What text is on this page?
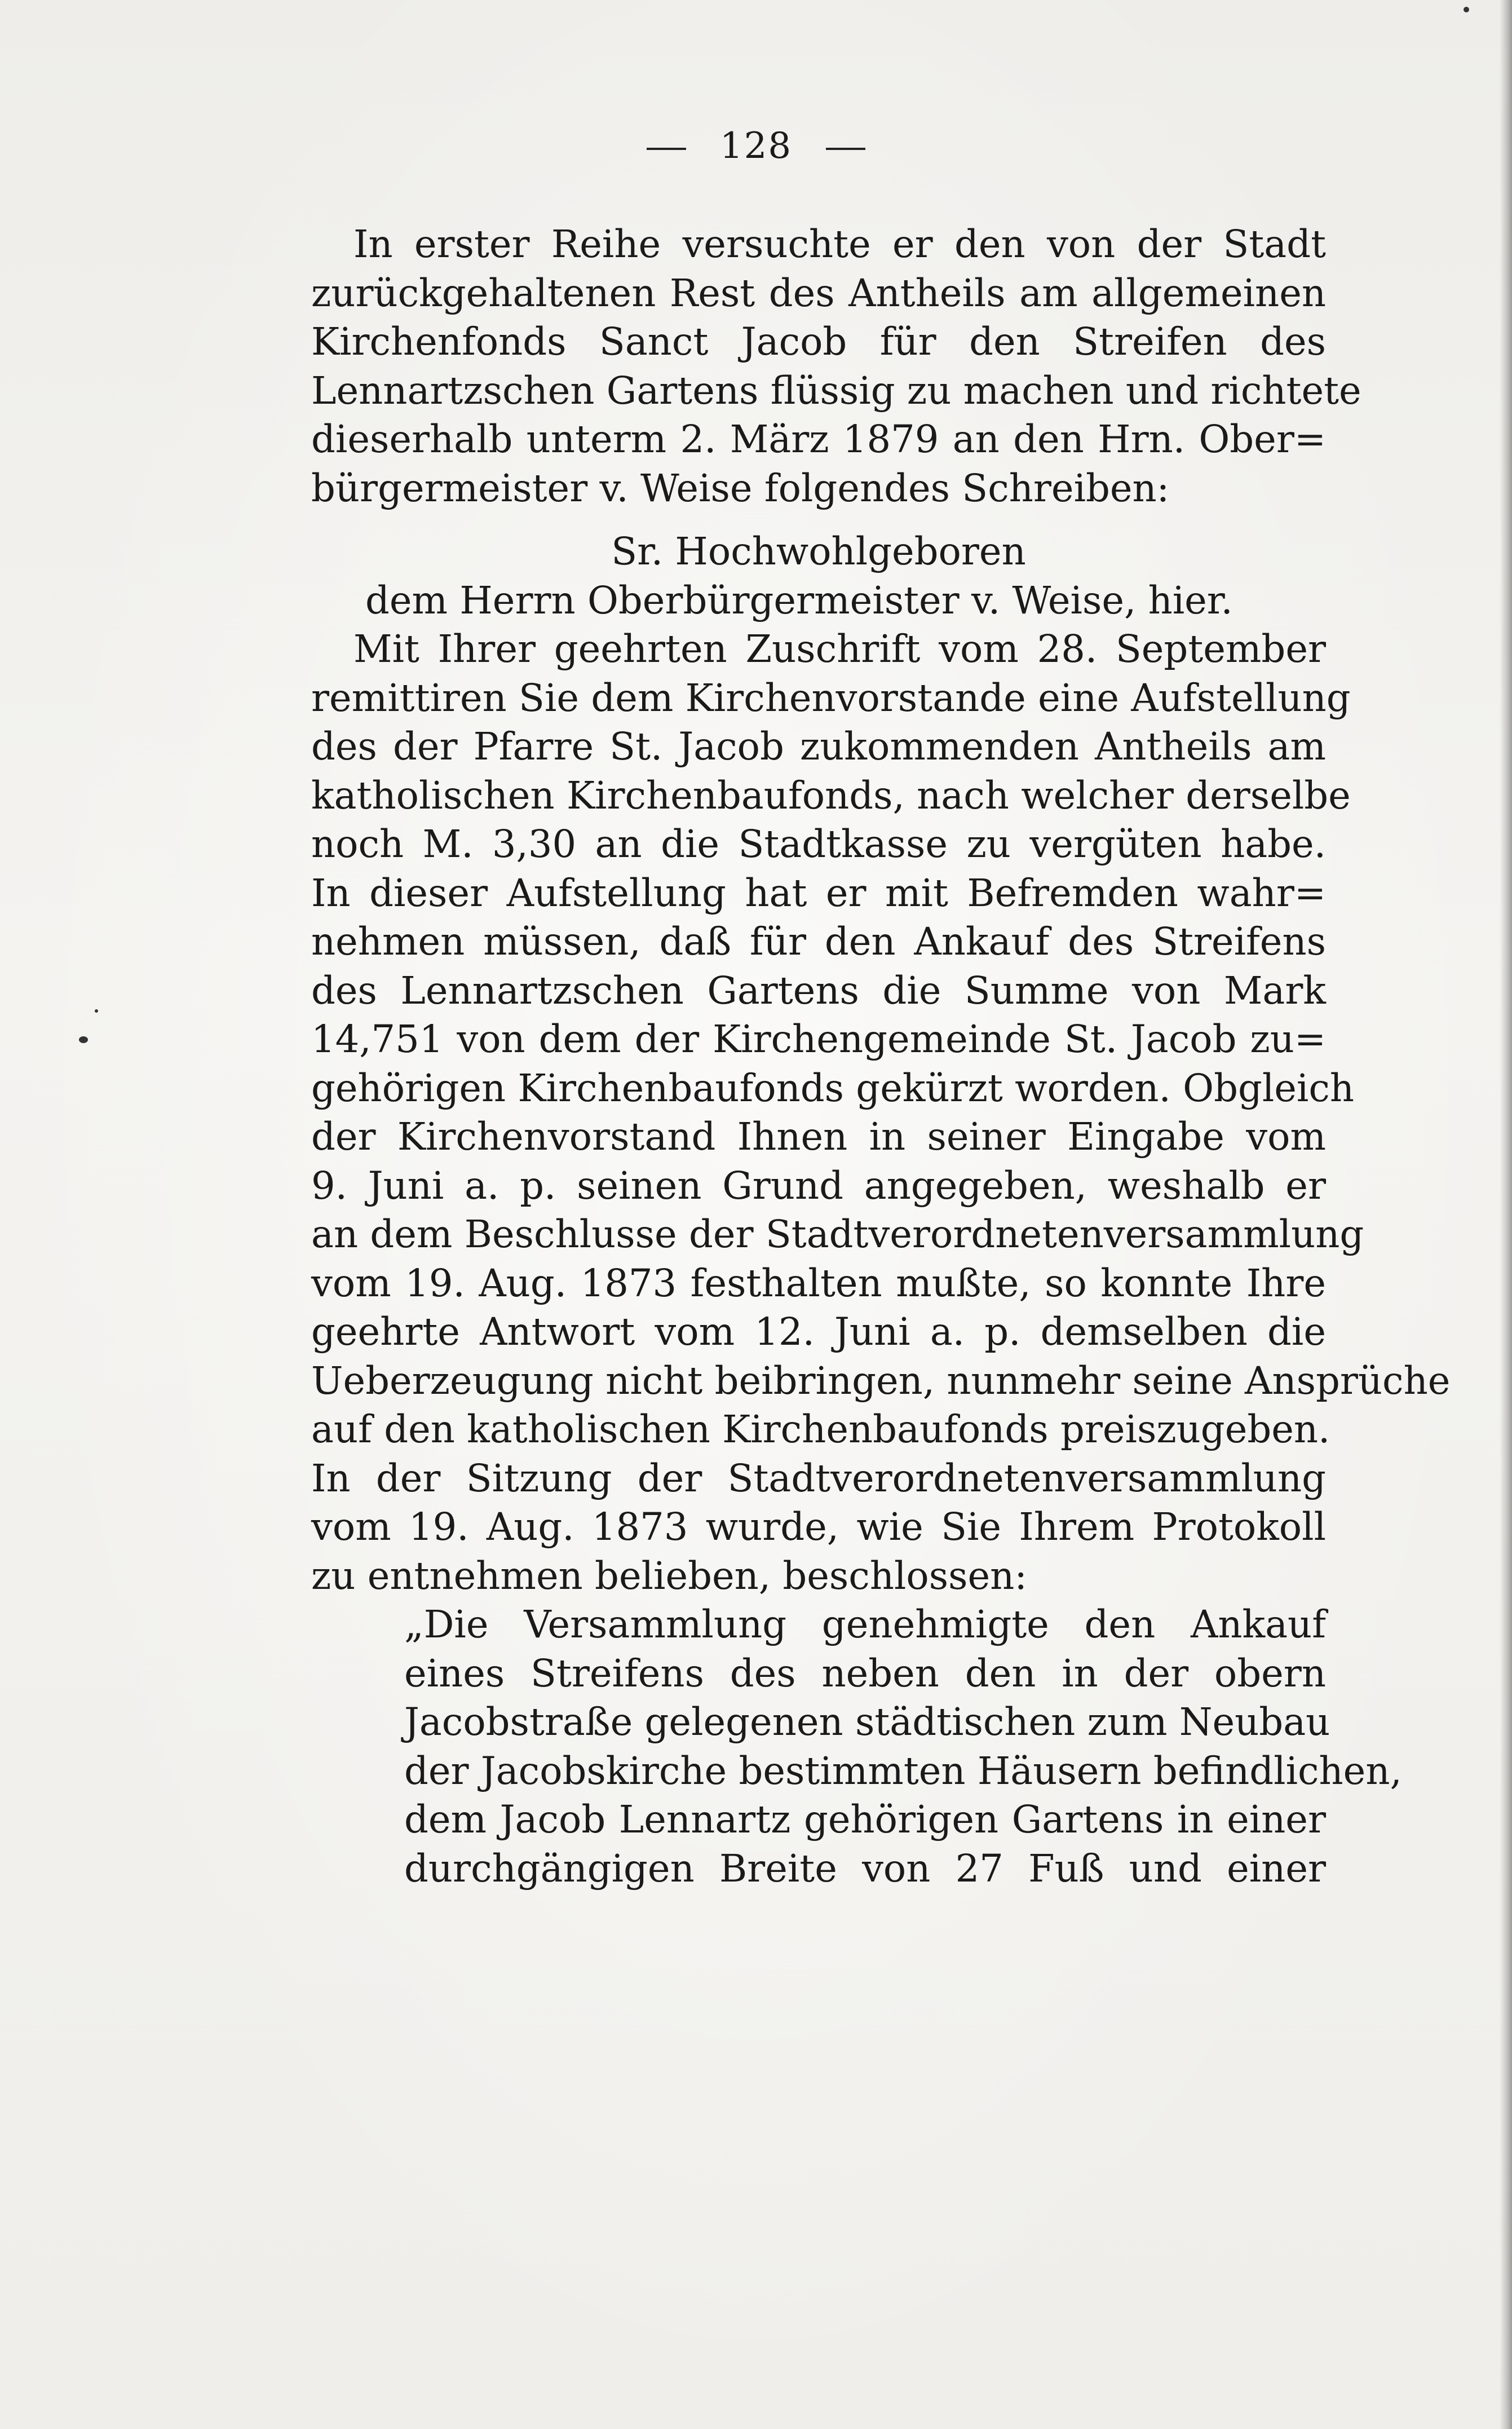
128
In erster Reihe versuchte er den von der Stadt
zurückgehaltenen Rest des Antheils am allgemeinen
Kirchenfonds Sanct Jacob für den Streifen des
Lennartzschen Gartens flüssig zu machen und richtete
dieserhalb unterm 2. März 1879 an den Hrn. Ober=
bürgermeister v. Weise folgendes Schreiben:
Sr. Hochwohlgeboren
dem Herrn Oberbürgermeister v. Weise, hier.
Mit Ihrer geehrten Zuschrift vom 28. September
remittiren Sie dem Kirchenvorstande eine Aufstellung
des der Pfarre St. Jacob zukommenden Antheils am
katholischen Kirchenbaufonds, nach welcher derselbe
noch M. 3,30 an die Stadtkasse zu vergüten habe.
In dieser Aufstellung hat er mit Befremden wahr=
nehmen müssen, daß für den Ankauf des Streifens
des Lennartzschen Gartens die Summe von Mark
14,751 von dem der Kirchengemeinde St. Jacob zu=
gehörigen Kirchenbaufonds gekürzt worden. Obgleich
der Kirchenvorstand Ihnen in seiner Eingabe vom
9. Juni a. p. seinen Grund angegeben, weshalb er
an dem Beschlusse der Stadtverordnetenversammlung
vom 19. Aug. 1873 festhalten mußte, so konnte Ihre
geehrte Antwort vom 12. Juni a. p. demselben die
Ueberzeugung nicht beibringen, nunmehr seine Ansprüche
auf den katholischen Kirchenbaufonds preiszugeben.
In der Sitzung der Stadtverordnetenversammlung
vom 19. Aug. 1873 wurde, wie Sie Ihrem Protokoll
zu entnehmen belieben, beschlossen:
„Die Versammlung genehmigte den Ankauf
eines Streifens des neben den in der obern
Jacobstraße gelegenen städtischen zum Neubau
der Jacobskirche bestimmten Häusern befindlichen,
dem Jacob Lennartz gehörigen Gartens in einer
durchgängigen Breite von 27 Fuß und einer
